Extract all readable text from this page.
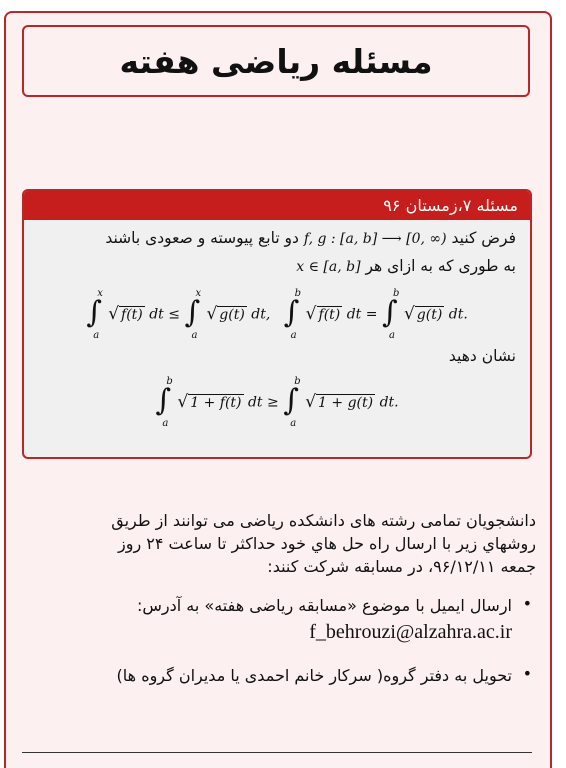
مسئله ریاضی هفته
مسئله ۷،زمستان ۹۶
فرض کنید f, g : [a, b] ⟶ [0, ∞) دو تابع پیوسته و صعودی باشند
به طوری که به ازای هر x ∈ [a, b]
∫
x
a
√ f(t) dt ≤ ∫
x
a
√ g(t) dt, ∫
b
a
√ f(t) dt = ∫
b
a
√ g(t) dt.
نشان دهید
∫
b
a
√ 1 + f(t) dt ≥ ∫
b
a
√ 1 + g(t) dt.
دانشجویان تمامی رشته های دانشکده ریاضی می توانند از طریق
روشهاي زير با ارسال راه حل هاي خود حداکثر تا ساعت ۲۴ روز
جمعه ۹۶/۱۲/۱۱، در مسابقه شرکت کنند:
•
ارسال ایمیل با موضوع «مسابقه ریاضی هفته» به آدرس:
f_behrouzi@alzahra.ac.ir
•
تحویل به دفتر گروه( سرکار خانم احمدی یا مدیران گروه ها)
